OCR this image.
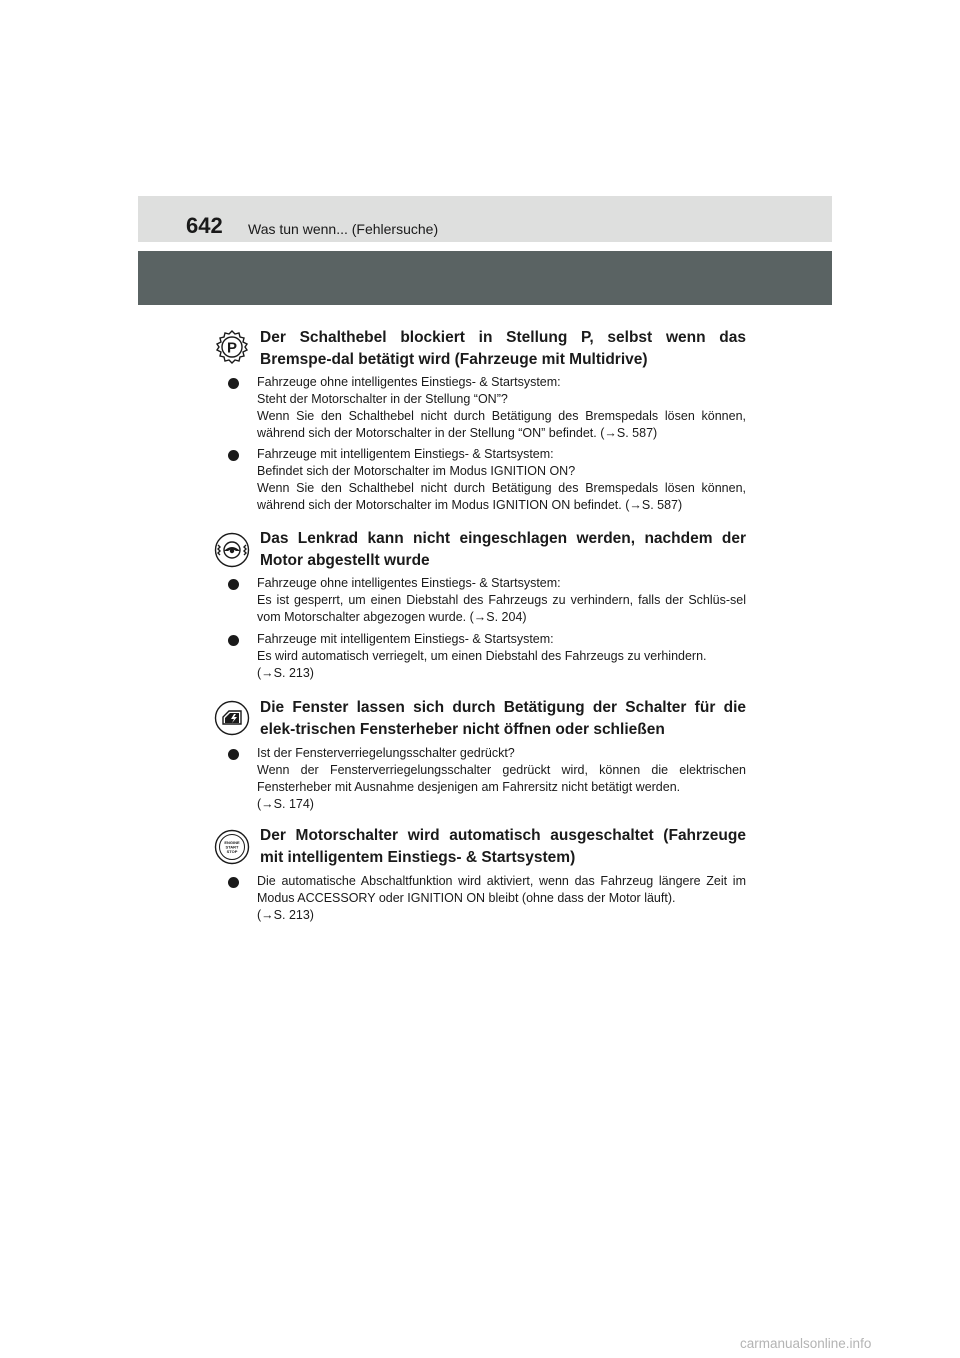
642 Was tun wenn... (Fehlersuche)
P
Der Schalthebel blockiert in Stellung P, selbst wenn das Bremspe-dal betätigt wird (Fahrzeuge mit Multidrive)
Fahrzeuge ohne intelligentes Einstiegs- & Startsystem:
Steht der Motorschalter in der Stellung “ON”?
Wenn Sie den Schalthebel nicht durch Betätigung des Bremspedals lösen können, während sich der Motorschalter in der Stellung “ON” befindet. (→S. 587)
Fahrzeuge mit intelligentem Einstiegs- & Startsystem:
Befindet sich der Motorschalter im Modus IGNITION ON?
Wenn Sie den Schalthebel nicht durch Betätigung des Bremspedals lösen können, während sich der Motorschalter im Modus IGNITION ON befindet. (→S. 587)
Das Lenkrad kann nicht eingeschlagen werden, nachdem der Motor abgestellt wurde
Fahrzeuge ohne intelligentes Einstiegs- & Startsystem:
Es ist gesperrt, um einen Diebstahl des Fahrzeugs zu verhindern, falls der Schlüs-sel vom Motorschalter abgezogen wurde. (→S. 204)
Fahrzeuge mit intelligentem Einstiegs- & Startsystem:
Es wird automatisch verriegelt, um einen Diebstahl des Fahrzeugs zu verhindern.
(→S. 213)
Die Fenster lassen sich durch Betätigung der Schalter für die elek-trischen Fensterheber nicht öffnen oder schließen
Ist der Fensterverriegelungsschalter gedrückt?
Wenn der Fensterverriegelungsschalter gedrückt wird, können die elektrischen Fensterheber mit Ausnahme desjenigen am Fahrersitz nicht betätigt werden.
(→S. 174)
ENGINE
START
STOP
Der Motorschalter wird automatisch ausgeschaltet (Fahrzeuge mit intelligentem Einstiegs- & Startsystem)
Die automatische Abschaltfunktion wird aktiviert, wenn das Fahrzeug längere Zeit im Modus ACCESSORY oder IGNITION ON bleibt (ohne dass der Motor läuft).
(→S. 213)
carmanualsonline.info
